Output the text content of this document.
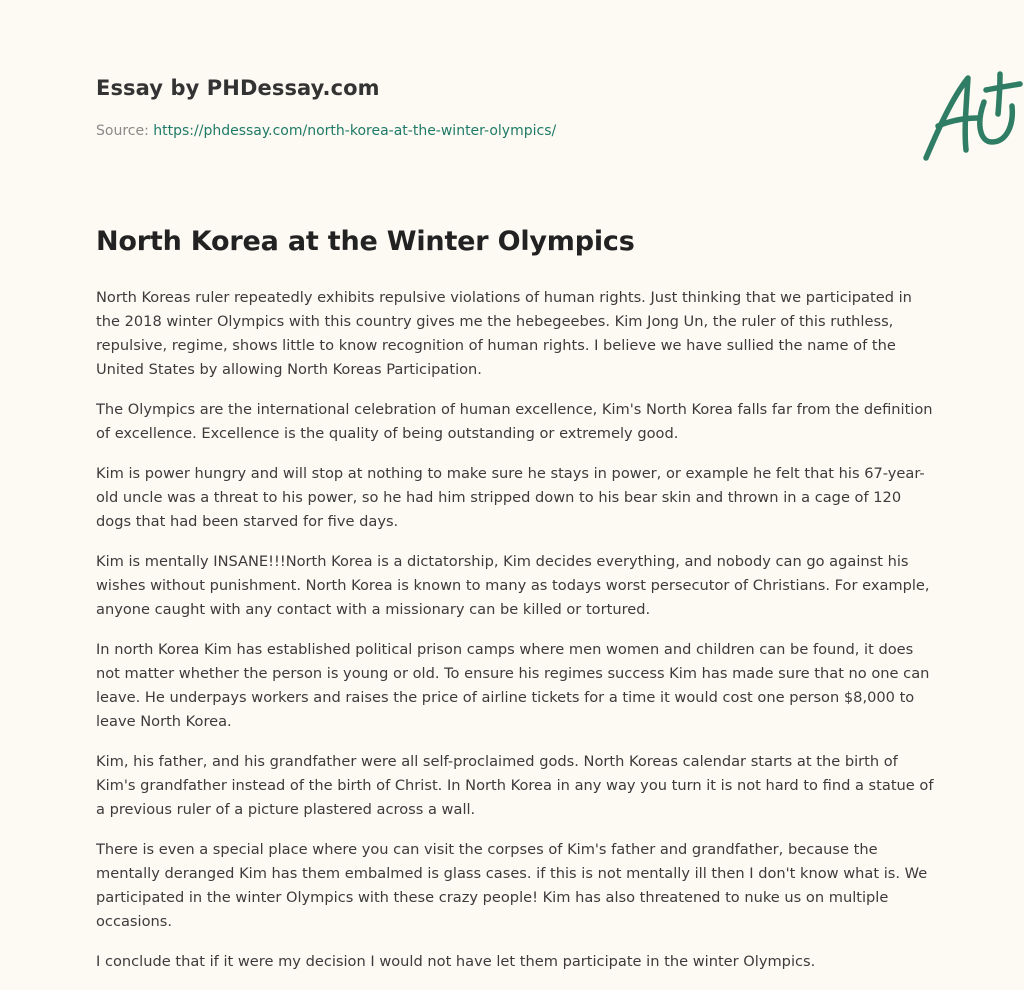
Essay by PHDessay.com
Source: https://phdessay.com/north-korea-at-the-winter-olympics/
North Korea at the Winter Olympics

North Koreas ruler repeatedly exhibits repulsive violations of human rights. Just thinking that we participated in the 2018 winter Olympics with this country gives me the hebegeebes. Kim Jong Un, the ruler of this ruthless, repulsive, regime, shows little to know recognition of human rights. I believe we have sullied the name of the United States by allowing North Koreas Participation.

The Olympics are the international celebration of human excellence, Kim's North Korea falls far from the definition of excellence. Excellence is the quality of being outstanding or extremely good.

Kim is power hungry and will stop at nothing to make sure he stays in power, or example he felt that his 67-year-old uncle was a threat to his power, so he had him stripped down to his bear skin and thrown in a cage of 120 dogs that had been starved for five days.

Kim is mentally INSANE!!!North Korea is a dictatorship, Kim decides everything, and nobody can go against his wishes without punishment. North Korea is known to many as todays worst persecutor of Christians. For example, anyone caught with any contact with a missionary can be killed or tortured.

In north Korea Kim has established political prison camps where men women and children can be found, it does not matter whether the person is young or old. To ensure his regimes success Kim has made sure that no one can leave. He underpays workers and raises the price of airline tickets for a time it would cost one person $8,000 to leave North Korea.

Kim, his father, and his grandfather were all self-proclaimed gods. North Koreas calendar starts at the birth of Kim's grandfather instead of the birth of Christ. In North Korea in any way you turn it is not hard to find a statue of a previous ruler of a picture plastered across a wall.

There is even a special place where you can visit the corpses of Kim's father and grandfather, because the mentally deranged Kim has them embalmed is glass cases. if this is not mentally ill then I don't know what is. We participated in the winter Olympics with these crazy people! Kim has also threatened to nuke us on multiple occasions.

I conclude that if it were my decision I would not have let them participate in the winter Olympics.
